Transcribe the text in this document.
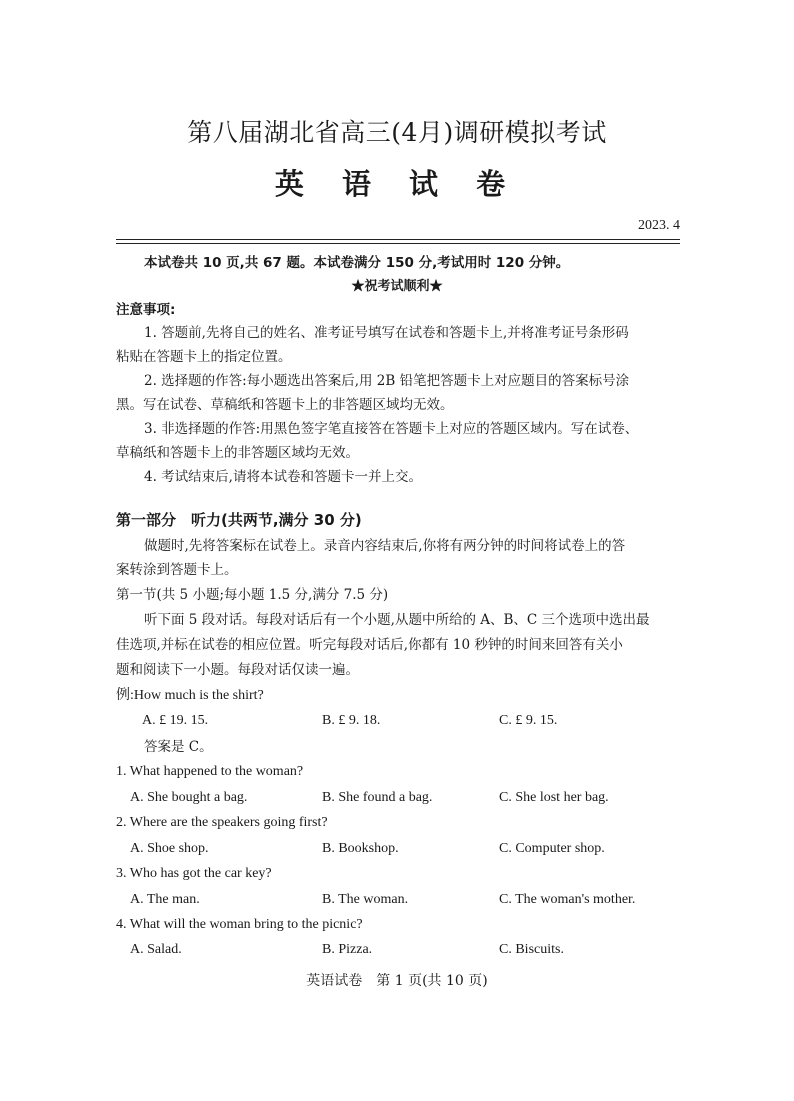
第八届湖北省高三(4月)调研模拟考试
英 语 试 卷
2023. 4
本试卷共 10 页,共 67 题。本试卷满分 150 分,考试用时 120 分钟。
★祝考试顺利★
注意事项:
1. 答题前,先将自己的姓名、准考证号填写在试卷和答题卡上,并将准考证号条形码
粘贴在答题卡上的指定位置。
2. 选择题的作答:每小题选出答案后,用 2B 铅笔把答题卡上对应题目的答案标号涂
黑。写在试卷、草稿纸和答题卡上的非答题区域均无效。
3. 非选择题的作答:用黑色签字笔直接答在答题卡上对应的答题区域内。写在试卷、
草稿纸和答题卡上的非答题区域均无效。
4. 考试结束后,请将本试卷和答题卡一并上交。
第一部分　听力(共两节,满分 30 分)
做题时,先将答案标在试卷上。录音内容结束后,你将有两分钟的时间将试卷上的答
案转涂到答题卡上。
第一节(共 5 小题;每小题 1.5 分,满分 7.5 分)
听下面 5 段对话。每段对话后有一个小题,从题中所给的 A、B、C 三个选项中选出最
佳选项,并标在试卷的相应位置。听完每段对话后,你都有 10 秒钟的时间来回答有关小
题和阅读下一小题。每段对话仅读一遍。
例:How much is the shirt?
A. £ 19. 15.	B. £ 9. 18.	C. £ 9. 15.
答案是 C。
1. What happened to the woman?
A. She bought a bag.	B. She found a bag.	C. She lost her bag.
2. Where are the speakers going first?
A. Shoe shop.	B. Bookshop.	C. Computer shop.
3. Who has got the car key?
A. The man.	B. The woman.	C. The woman's mother.
4. What will the woman bring to the picnic?
A. Salad.	B. Pizza.	C. Biscuits.
英语试卷　第 1 页(共 10 页)
